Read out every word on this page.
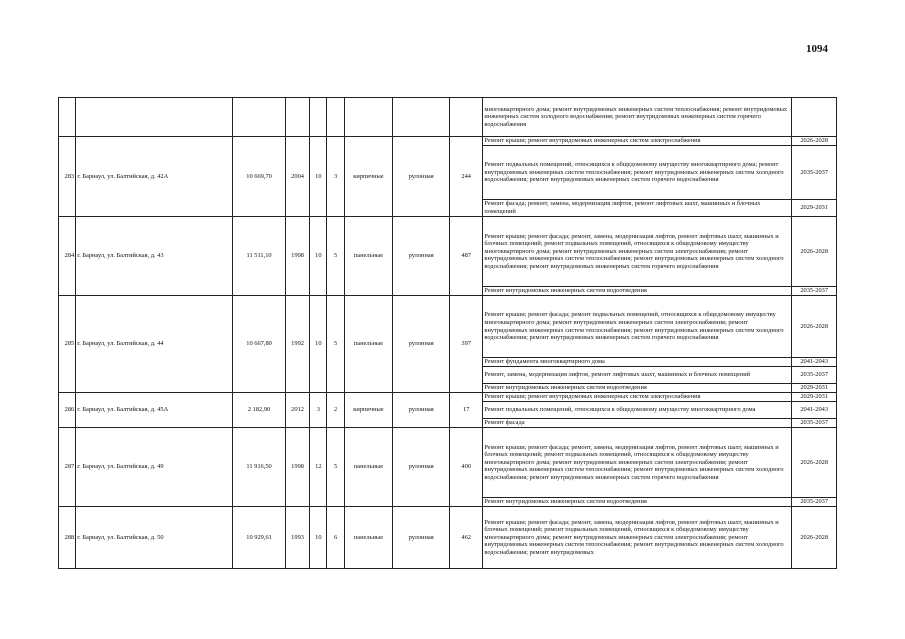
1094
									многоквартирного дома; ремонт внутридомовых инженерных систем теплоснабжения; ремонт внутридомовых инженерных систем холодного водоснабжения; ремонт внутридомовых инженерных систем горячего водоснабжения	
283	г. Барнаул, ул. Балтийская, д. 42А	10 669,70	2004	10	3	кирпичные	рулонная	244	Ремонт крыши; ремонт внутридомовых инженерных систем электроснабжения	2026-2028
									Ремонт подвальных помещений, относящихся к общедомовому имуществу многоквартирного дома; ремонт внутридомовых инженерных систем теплоснабжения; ремонт внутридомовых инженерных систем холодного водоснабжения; ремонт внутридомовых инженерных систем горячего водоснабжения	2035-2037
									Ремонт фасада; ремонт, замена, модернизация лифтов, ремонт лифтовых шахт, машинных и блочных помещений	2029-2031
284	г. Барнаул, ул. Балтийская, д. 43	11 511,10	1998	10	5	панельные	рулонная	487	Ремонт крыши; ремонт фасада; ремонт, замена, модернизация лифтов, ремонт лифтовых шахт, машинных и блочных помещений; ремонт подвальных помещений, относящихся к общедомовому имуществу многоквартирного дома; ремонт внутридомовых инженерных систем электроснабжения; ремонт внутридомовых инженерных систем теплоснабжения; ремонт внутридомовых инженерных систем холодного водоснабжения; ремонт внутридомовых инженерных систем горячего водоснабжения	2026-2028
									Ремонт внутридомовых инженерных систем водоотведения	2035-2037
285	г. Барнаул, ул. Балтийская, д. 44	10 667,80	1992	10	5	панельные	рулонная	397	Ремонт крыши; ремонт фасада; ремонт подвальных помещений, относящихся к общедомовому имуществу многоквартирного дома; ремонт внутридомовых инженерных систем электроснабжения; ремонт внутридомовых инженерных систем теплоснабжения; ремонт внутридомовых инженерных систем холодного водоснабжения; ремонт внутридомовых инженерных систем горячего водоснабжения	2026-2028
									Ремонт фундамента многоквартирного дома	2041-2043
									Ремонт, замена, модернизация лифтов, ремонт лифтовых шахт, машинных и блочных помещений	2035-2037
									Ремонт внутридомовых инженерных систем водоотведения	2029-2031
286	г. Барнаул, ул. Балтийская, д. 45А	2 182,90	2012	3	2	кирпичные	рулонная	17	Ремонт крыши; ремонт внутридомовых инженерных систем электроснабжения	2029-2031
									Ремонт подвальных помещений, относящихся к общедомовому имуществу многоквартирного дома	2041-2043
									Ремонт фасада	2035-2037
287	г. Барнаул, ул. Балтийская, д. 49	11 916,50	1998	12	5	панельные	рулонная	400	Ремонт крыши; ремонт фасада; ремонт, замена, модернизация лифтов, ремонт лифтовых шахт, машинных и блочных помещений; ремонт подвальных помещений, относящихся к общедомовому имуществу многоквартирного дома; ремонт внутридомовых инженерных систем электроснабжения; ремонт внутридомовых инженерных систем теплоснабжения; ремонт внутридомовых инженерных систем холодного водоснабжения; ремонт внутридомовых инженерных систем горячего водоснабжения	2026-2028
									Ремонт внутридомовых инженерных систем водоотведения	2035-2037
288	г. Барнаул, ул. Балтийская, д. 50	10 929,61	1993	10	6	панельные	рулонная	462	Ремонт крыши; ремонт фасада; ремонт, замена, модернизация лифтов, ремонт лифтовых шахт, машинных и блочных помещений; ремонт подвальных помещений, относящихся к общедомовому имуществу многоквартирного дома; ремонт внутридомовых инженерных систем электроснабжения; ремонт внутридомовых инженерных систем теплоснабжения; ремонт внутридомовых инженерных систем холодного водоснабжения; ремонт внутридомовых	2026-2028
